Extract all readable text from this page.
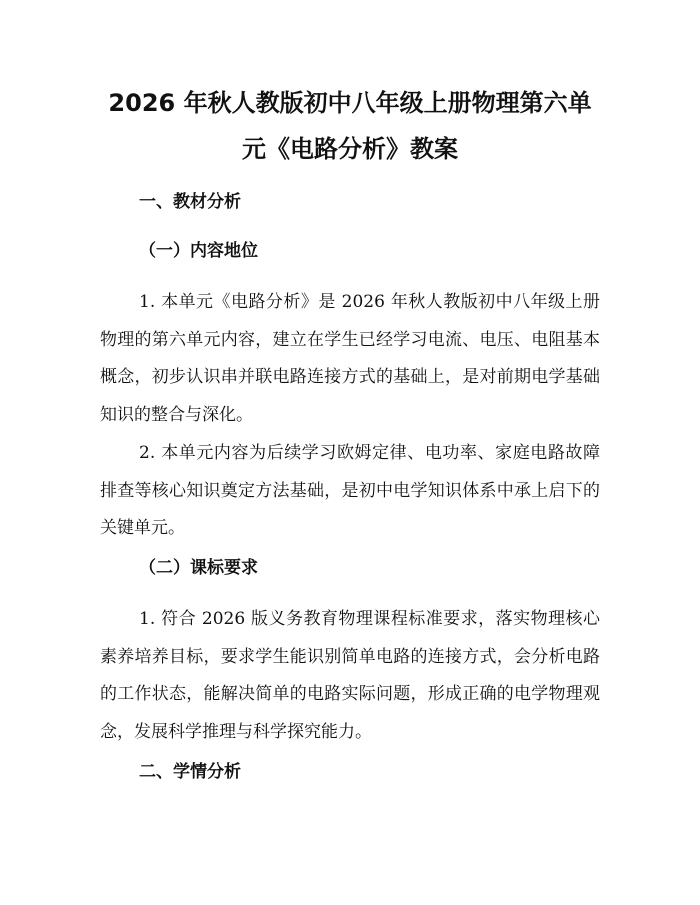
2026 年秋人教版初中八年级上册物理第六单
元《电路分析》教案
一、教材分析
（一）内容地位

1. 本单元《电路分析》是 2026 年秋人教版初中八年级上册物理的第六单元内容，建立在学生已经学习电流、电压、电阻基本概念，初步认识串并联电路连接方式的基础上，是对前期电学基础知识的整合与深化。

2. 本单元内容为后续学习欧姆定律、电功率、家庭电路故障排查等核心知识奠定方法基础，是初中电学知识体系中承上启下的关键单元。

（二）课标要求

1. 符合 2026 版义务教育物理课程标准要求，落实物理核心素养培养目标，要求学生能识别简单电路的连接方式，会分析电路的工作状态，能解决简单的电路实际问题，形成正确的电学物理观念，发展科学推理与科学探究能力。

二、学情分析
